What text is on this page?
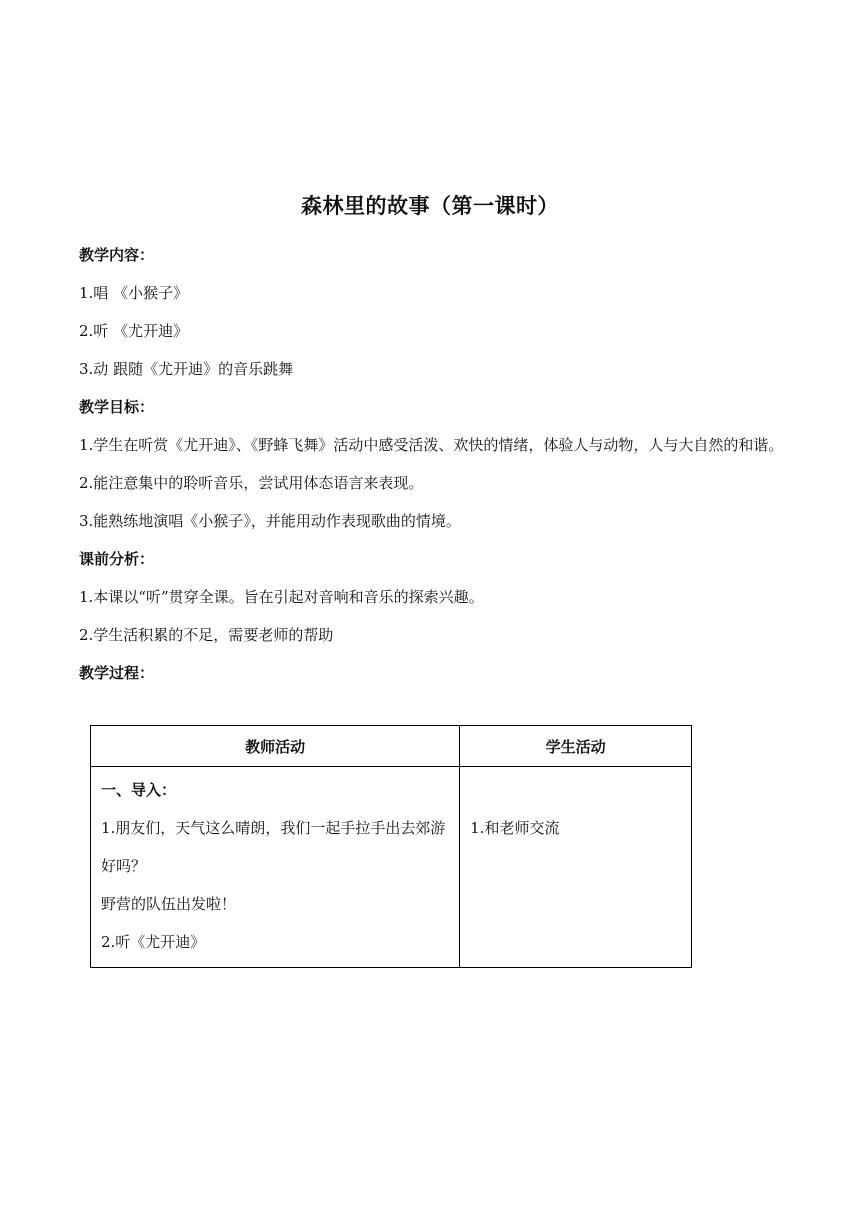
森林里的故事（第一课时）
教学内容：
1.唱 《小猴子》
2.听 《尤开迪》
3.动 跟随《尤开迪》的音乐跳舞
教学目标：
1.学生在听赏《尤开迪》、《野蜂飞舞》活动中感受活泼、欢快的情绪，体验人与动物，人与大自然的和谐。
2.能注意集中的聆听音乐，尝试用体态语言来表现。
3.能熟练地演唱《小猴子》，并能用动作表现歌曲的情境。
课前分析：
1.本课以“听”贯穿全课。旨在引起对音响和音乐的探索兴趣。
2.学生活积累的不足，需要老师的帮助
教学过程：
教师活动	学生活动

一、导入：
1.朋友们，天气这么晴朗，我们一起手拉手出去郊游好吗？
野营的队伍出发啦！
2.听《尤开迪》	1.和老师交流
